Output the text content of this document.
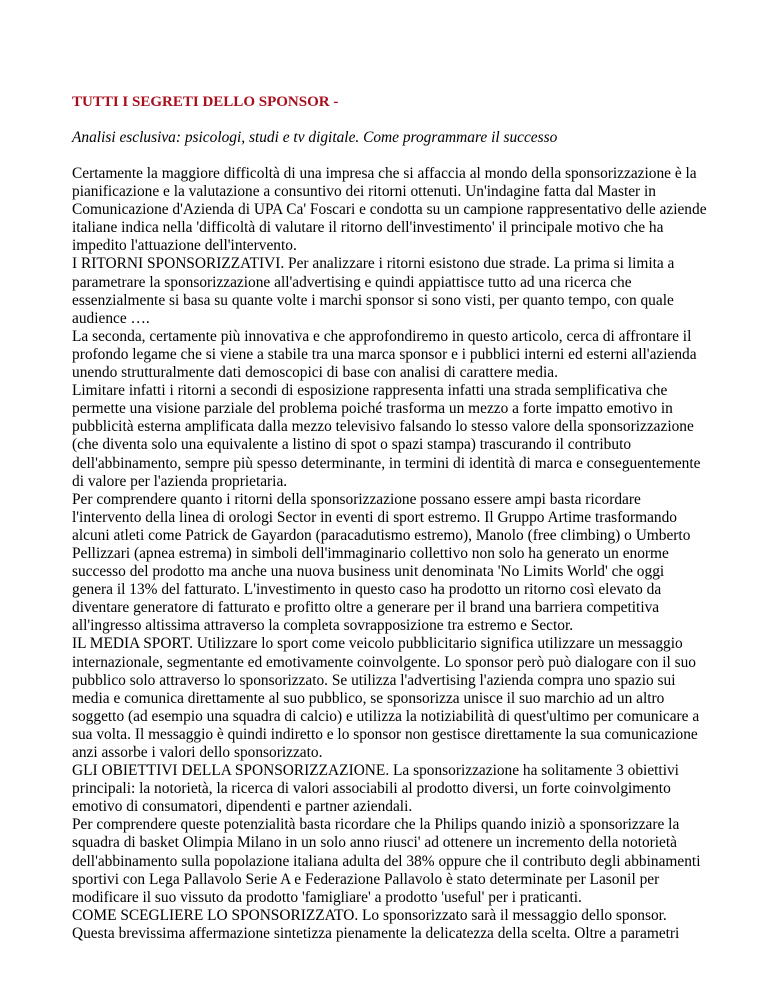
TUTTI I SEGRETI DELLO SPONSOR -
Analisi esclusiva: psicologi, studi e tv digitale. Come programmare il successo

Certamente la maggiore difficoltà di una impresa che si affaccia al mondo della sponsorizzazione è la pianificazione e la valutazione a consuntivo dei ritorni ottenuti. Un'indagine fatta dal Master in Comunicazione d'Azienda di UPA Ca' Foscari e condotta su un campione rappresentativo delle aziende italiane indica nella 'difficoltà di valutare il ritorno dell'investimento' il principale motivo che ha impedito l'attuazione dell'intervento.

I RITORNI SPONSORIZZATIVI. Per analizzare i ritorni esistono due strade. La prima si limita a parametrare la sponsorizzazione all'advertising e quindi appiattisce tutto ad una ricerca che essenzialmente si basa su quante volte i marchi sponsor si sono visti, per quanto tempo, con quale audience ….

La seconda, certamente più innovativa e che approfondiremo in questo articolo, cerca di affrontare il profondo legame che si viene a stabile tra una marca sponsor e i pubblici interni ed esterni all'azienda unendo strutturalmente dati demoscopici di base con analisi di carattere media.

Limitare infatti i ritorni a secondi di esposizione rappresenta infatti una strada semplificativa che permette una visione parziale del problema poiché trasforma un mezzo a forte impatto emotivo in pubblicità esterna amplificata dalla mezzo televisivo falsando lo stesso valore della sponsorizzazione (che diventa solo una equivalente a listino di spot o spazi stampa) trascurando il contributo dell'abbinamento, sempre più spesso determinante, in termini di identità di marca e conseguentemente di valore per l'azienda proprietaria.

Per comprendere quanto i ritorni della sponsorizzazione possano essere ampi basta ricordare l'intervento della linea di orologi Sector in eventi di sport estremo. Il Gruppo Artime trasformando alcuni atleti come Patrick de Gayardon (paracadutismo estremo), Manolo (free climbing) o Umberto Pellizzari (apnea estrema) in simboli dell'immaginario collettivo non solo ha generato un enorme successo del prodotto ma anche una nuova business unit denominata 'No Limits World' che oggi genera il 13% del fatturato. L'investimento in questo caso ha prodotto un ritorno così elevato da diventare generatore di fatturato e profitto oltre a generare per il brand una barriera competitiva all'ingresso altissima attraverso la completa sovrapposizione tra estremo e Sector.

IL MEDIA SPORT. Utilizzare lo sport come veicolo pubblicitario significa utilizzare un messaggio internazionale, segmentante ed emotivamente coinvolgente. Lo sponsor però può dialogare con il suo pubblico solo attraverso lo sponsorizzato. Se utilizza l'advertising l'azienda compra uno spazio sui media e comunica direttamente al suo pubblico, se sponsorizza unisce il suo marchio ad un altro soggetto (ad esempio una squadra di calcio) e utilizza la notiziabilità di quest'ultimo per comunicare a sua volta. Il messaggio è quindi indiretto e lo sponsor non gestisce direttamente la sua comunicazione anzi assorbe i valori dello sponsorizzato.

GLI OBIETTIVI DELLA SPONSORIZZAZIONE. La sponsorizzazione ha solitamente 3 obiettivi principali: la notorietà, la ricerca di valori associabili al prodotto diversi, un forte coinvolgimento emotivo di consumatori, dipendenti e partner aziendali.

Per comprendere queste potenzialità basta ricordare che la Philips quando iniziò a sponsorizzare la squadra di basket Olimpia Milano in un solo anno riusci' ad ottenere un incremento della notorietà dell'abbinamento sulla popolazione italiana adulta del 38% oppure che il contributo degli abbinamenti sportivi con Lega Pallavolo Serie A e Federazione Pallavolo è stato determinate per Lasonil per modificare il suo vissuto da prodotto 'famigliare' a prodotto 'useful' per i praticanti.

COME SCEGLIERE LO SPONSORIZZATO. Lo sponsorizzato sarà il messaggio dello sponsor. Questa brevissima affermazione sintetizza pienamente la delicatezza della scelta. Oltre a parametri
